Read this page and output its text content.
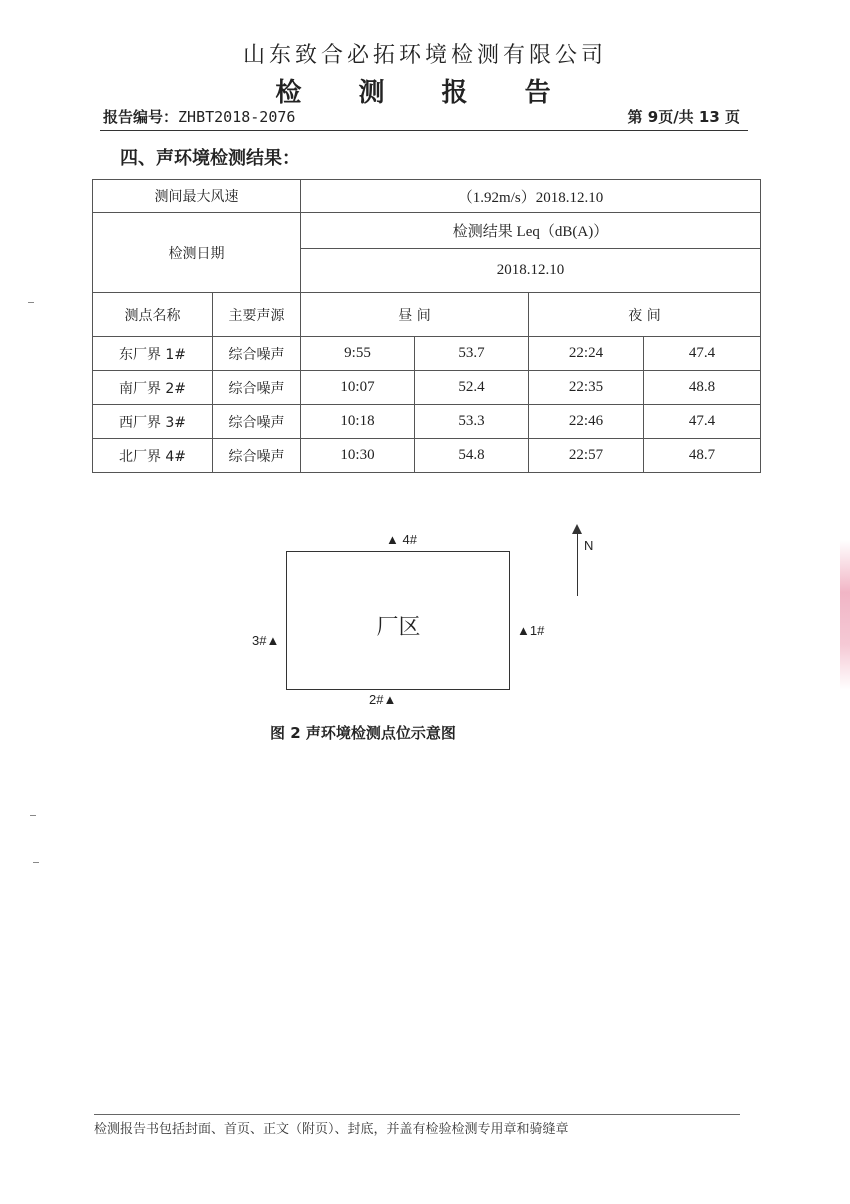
山东致合必拓环境检测有限公司
检 测 报 告
报告编号：ZHBT2018-2076	第 9页/共 13 页
四、声环境检测结果：
测间最大风速		（1.92m/s）2018.12.10			
检测日期		检测结果 Leq（dB(A)）			
		2018.12.10			
测点名称	主要声源	昼 间		夜 间	
东厂界 1#	综合噪声	9:55	53.7	22:24	47.4
南厂界 2#	综合噪声	10:07	52.4	22:35	48.8
西厂界 3#	综合噪声	10:18	53.3	22:46	47.4
北厂界 4#	综合噪声	10:30	54.8	22:57	48.7
厂区
▲ 4#
▲1#
3#▲
2#▲
N
图 2 声环境检测点位示意图
检测报告书包括封面、首页、正文（附页）、封底，并盖有检验检测专用章和骑缝章
